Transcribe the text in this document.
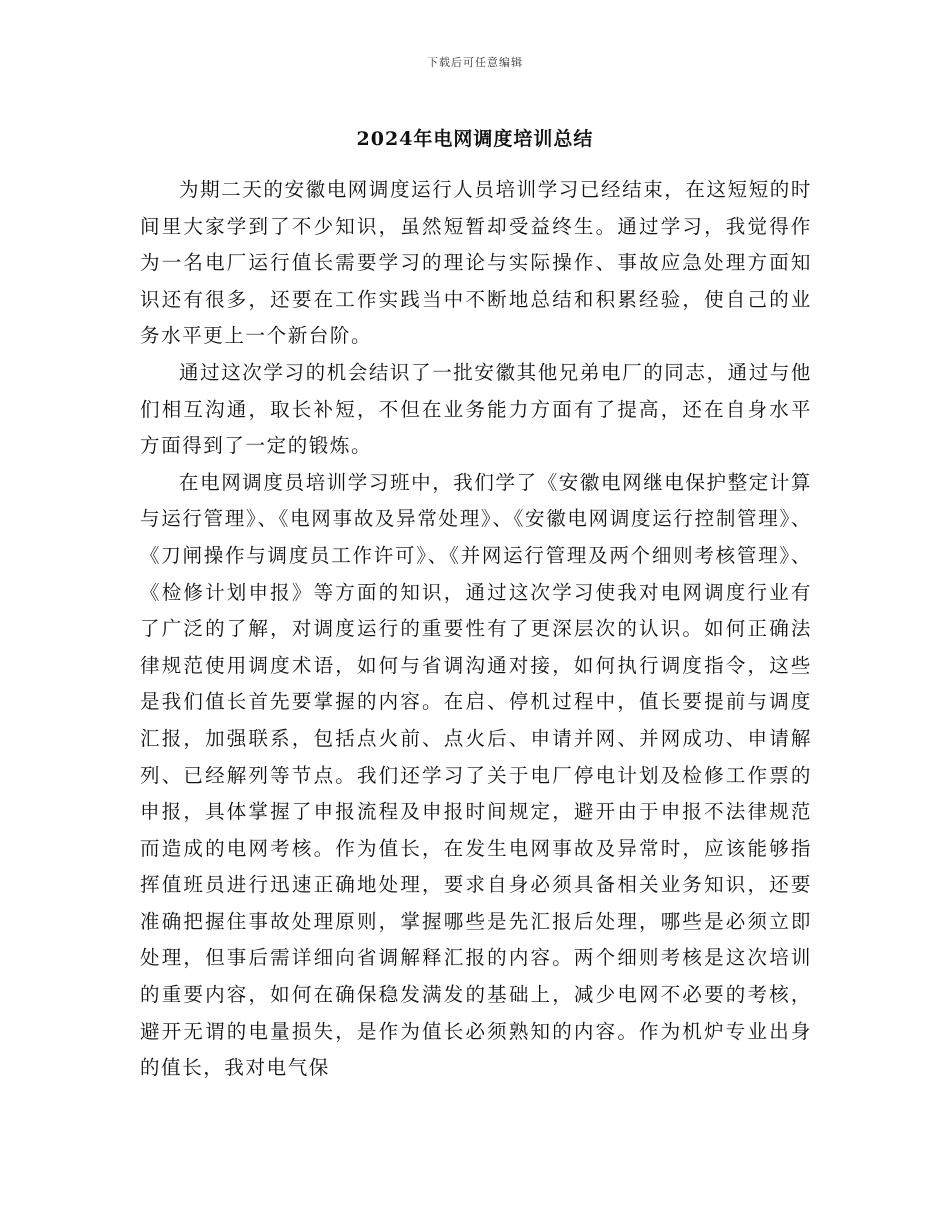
下载后可任意编辑
2024年电网调度培训总结

为期二天的安徽电网调度运行人员培训学习已经结束，在这短短的时间里大家学到了不少知识，虽然短暂却受益终生。通过学习，我觉得作为一名电厂运行值长需要学习的理论与实际操作、事故应急处理方面知识还有很多，还要在工作实践当中不断地总结和积累经验，使自己的业务水平更上一个新台阶。

通过这次学习的机会结识了一批安徽其他兄弟电厂的同志，通过与他们相互沟通，取长补短，不但在业务能力方面有了提高，还在自身水平方面得到了一定的锻炼。

在电网调度员培训学习班中，我们学了《安徽电网继电保护整定计算与运行管理》、《电网事故及异常处理》、《安徽电网调度运行控制管理》、《刀闸操作与调度员工作许可》、《并网运行管理及两个细则考核管理》、《检修计划申报》等方面的知识，通过这次学习使我对电网调度行业有了广泛的了解，对调度运行的重要性有了更深层次的认识。如何正确法律规范使用调度术语，如何与省调沟通对接，如何执行调度指令，这些是我们值长首先要掌握的内容。在启、停机过程中，值长要提前与调度汇报，加强联系，包括点火前、点火后、申请并网、并网成功、申请解列、已经解列等节点。我们还学习了关于电厂停电计划及检修工作票的申报，具体掌握了申报流程及申报时间规定，避开由于申报不法律规范而造成的电网考核。作为值长，在发生电网事故及异常时，应该能够指挥值班员进行迅速正确地处理，要求自身必须具备相关业务知识，还要准确把握住事故处理原则，掌握哪些是先汇报后处理，哪些是必须立即处理，但事后需详细向省调解释汇报的内容。两个细则考核是这次培训的重要内容，如何在确保稳发满发的基础上，减少电网不必要的考核，避开无谓的电量损失，是作为值长必须熟知的内容。作为机炉专业出身的值长，我对电气保
